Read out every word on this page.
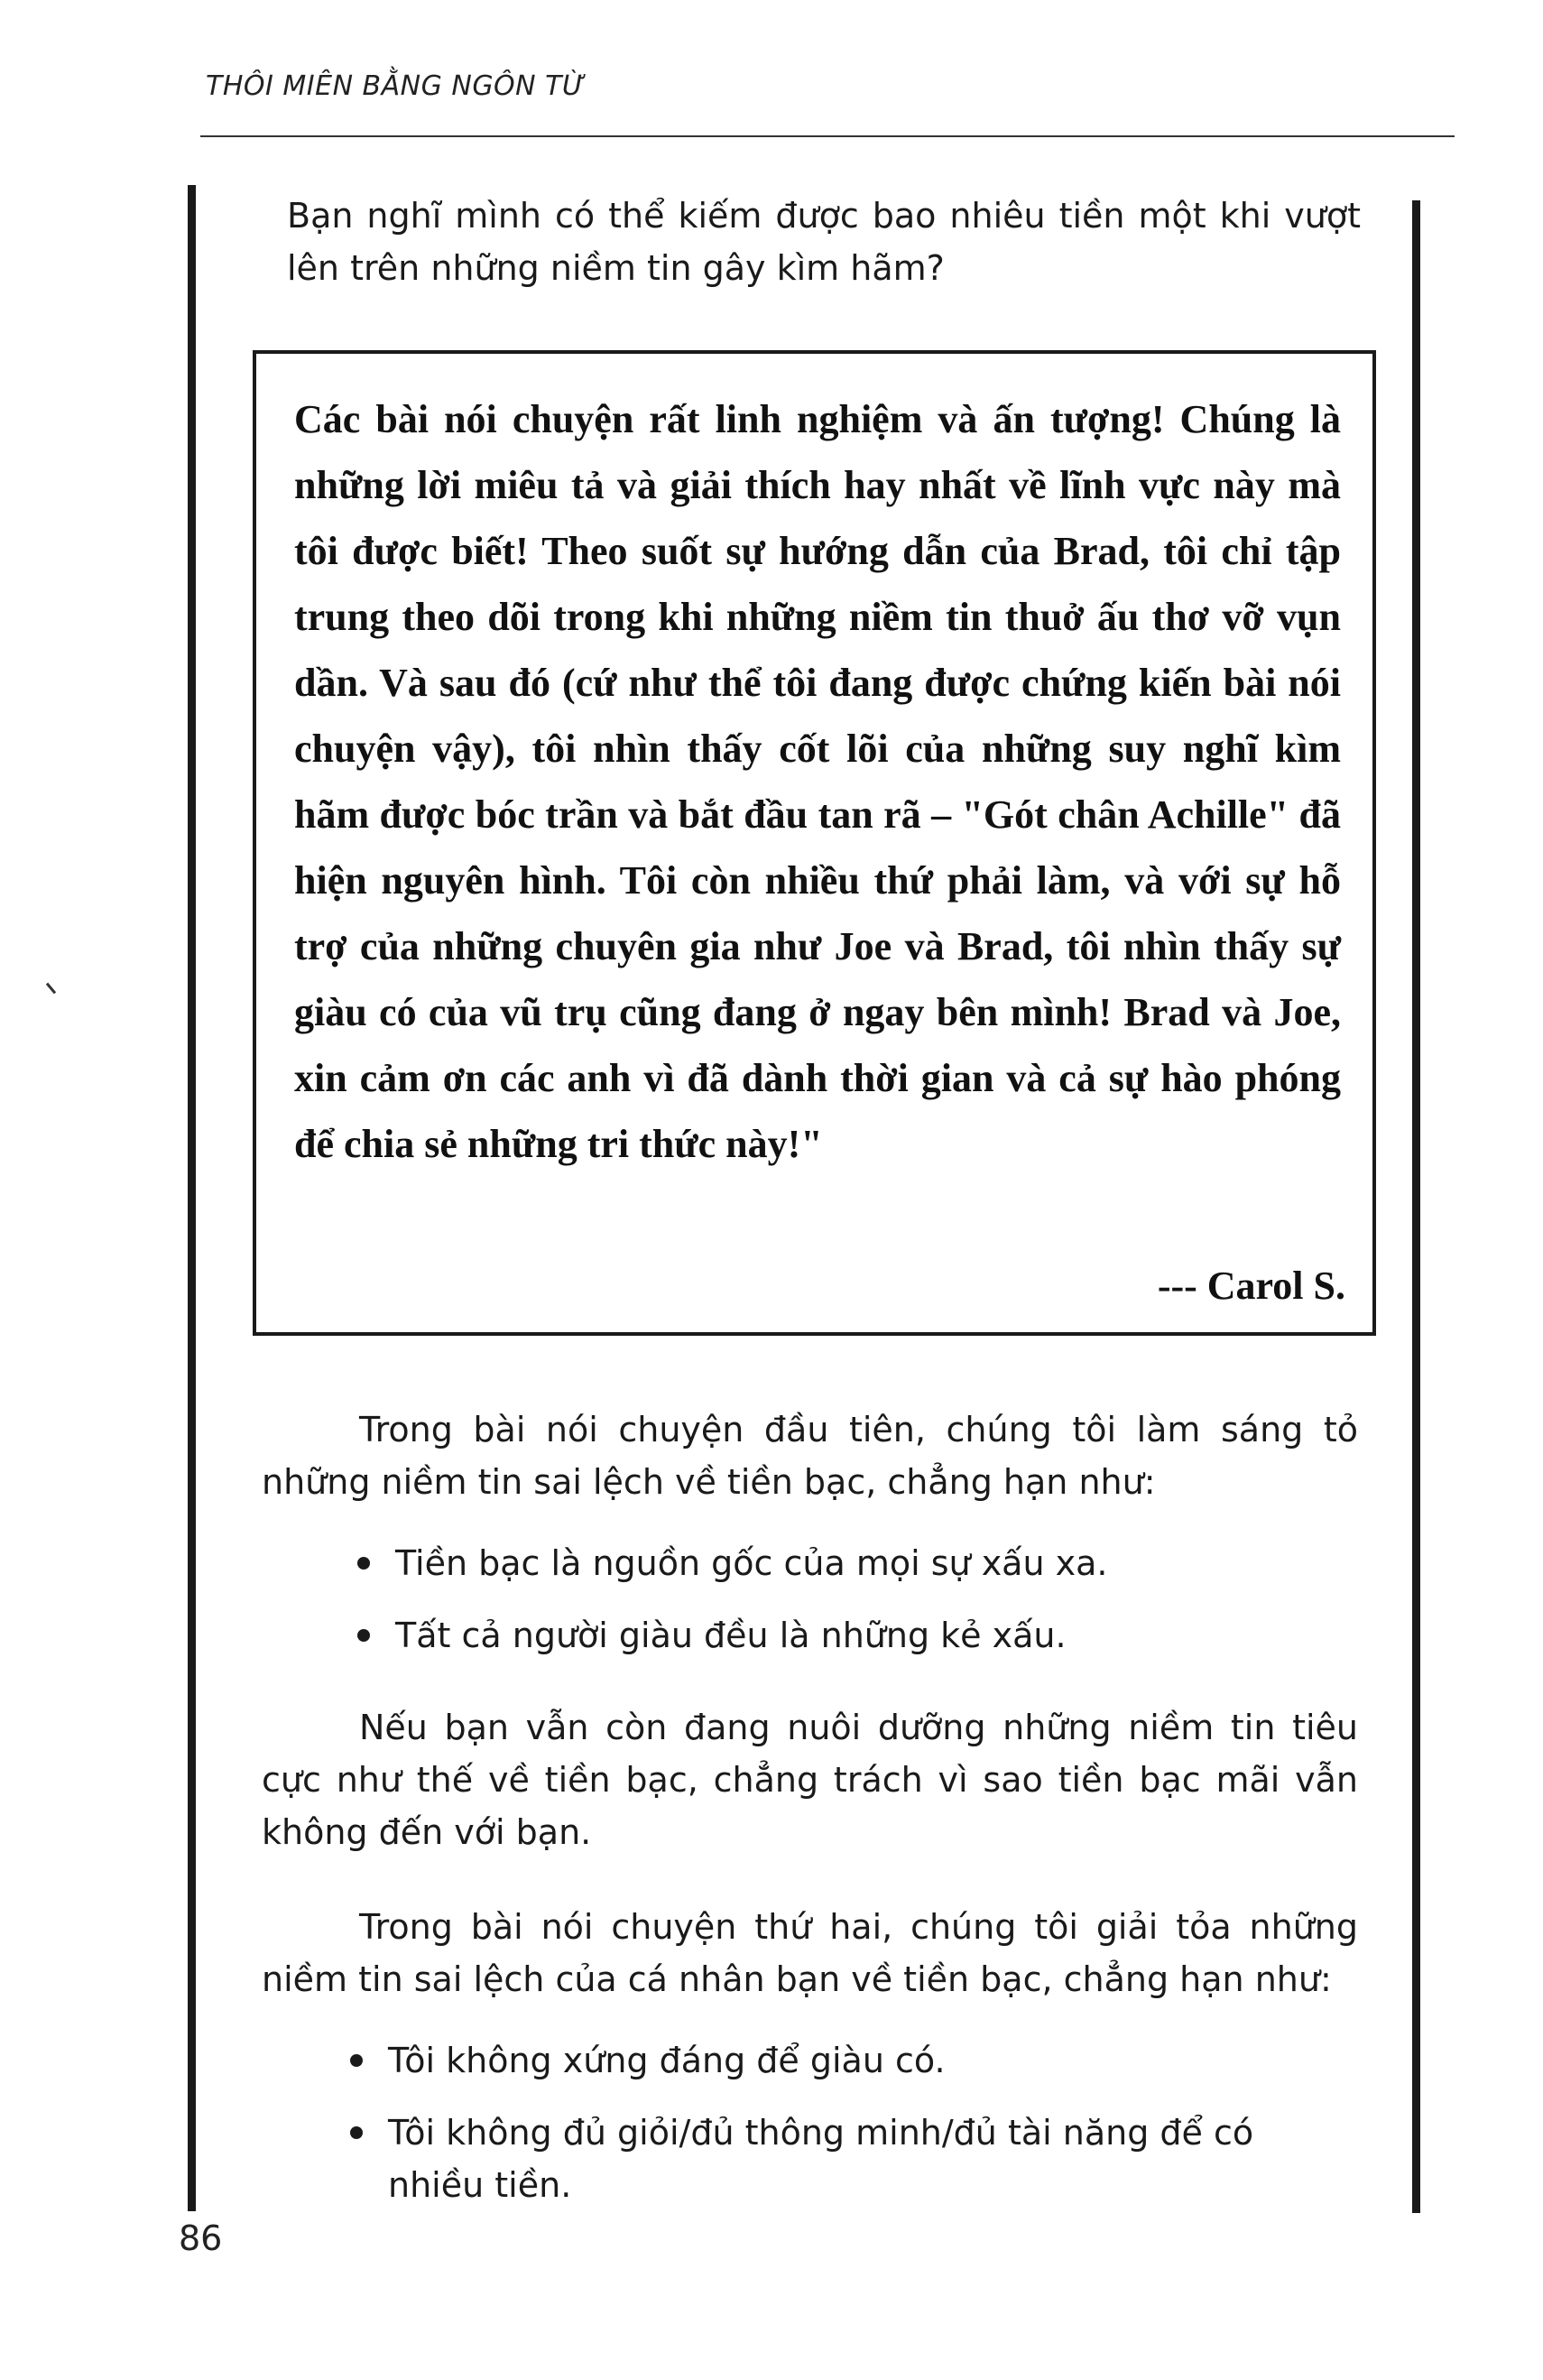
THÔI MIÊN BẰNG NGÔN TỪ

Bạn nghĩ mình có thể kiếm được bao nhiêu tiền một khi vượt lên trên những niềm tin gây kìm hãm?

Các bài nói chuyện rất linh nghiệm và ấn tượng! Chúng là những lời miêu tả và giải thích hay nhất về lĩnh vực này mà tôi được biết! Theo suốt sự hướng dẫn của Brad, tôi chỉ tập trung theo dõi trong khi những niềm tin thuở ấu thơ vỡ vụn dần. Và sau đó (cứ như thể tôi đang được chứng kiến bài nói chuyện vậy), tôi nhìn thấy cốt lõi của những suy nghĩ kìm hãm được bóc trần và bắt đầu tan rã – "Gót chân Achille" đã hiện nguyên hình. Tôi còn nhiều thứ phải làm, và với sự hỗ trợ của những chuyên gia như Joe và Brad, tôi nhìn thấy sự giàu có của vũ trụ cũng đang ở ngay bên mình! Brad và Joe, xin cảm ơn các anh vì đã dành thời gian và cả sự hào phóng để chia sẻ những tri thức này!"

--- Carol S.

Trong bài nói chuyện đầu tiên, chúng tôi làm sáng tỏ những niềm tin sai lệch về tiền bạc, chẳng hạn như:

Tiền bạc là nguồn gốc của mọi sự xấu xa.
Tất cả người giàu đều là những kẻ xấu.

Nếu bạn vẫn còn đang nuôi dưỡng những niềm tin tiêu cực như thế về tiền bạc, chẳng trách vì sao tiền bạc mãi vẫn không đến với bạn.

Trong bài nói chuyện thứ hai, chúng tôi giải tỏa những niềm tin sai lệch của cá nhân bạn về tiền bạc, chẳng hạn như:

Tôi không xứng đáng để giàu có.
Tôi không đủ giỏi/đủ thông minh/đủ tài năng để có nhiều tiền.
86
